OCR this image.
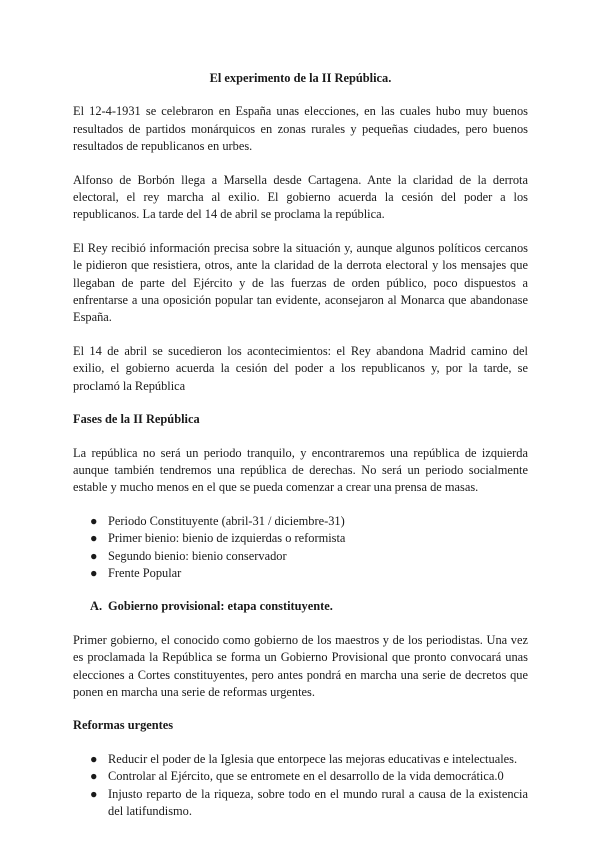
El experimento de la II República.

El 12-4-1931 se celebraron en España unas elecciones, en las cuales hubo muy buenos resultados de partidos monárquicos en zonas rurales y pequeñas ciudades, pero buenos resultados de republicanos en urbes.

Alfonso de Borbón llega a Marsella desde Cartagena. Ante la claridad de la derrota electoral, el rey marcha al exilio. El gobierno acuerda la cesión del poder a los republicanos. La tarde del 14 de abril se proclama la república.

El Rey recibió información precisa sobre la situación y, aunque algunos políticos cercanos le pidieron que resistiera, otros, ante la claridad de la derrota electoral y los mensajes que llegaban de parte del Ejército y de las fuerzas de orden público, poco dispuestos a enfrentarse a una oposición popular tan evidente, aconsejaron al Monarca que abandonase España.

El 14 de abril se sucedieron los acontecimientos: el Rey abandona Madrid camino del exilio, el gobierno acuerda la cesión del poder a los republicanos y, por la tarde, se proclamó la República

Fases de la II República

La república no será un periodo tranquilo, y encontraremos una república de izquierda aunque también tendremos una república de derechas. No será un periodo socialmente estable y mucho menos en el que se pueda comenzar a crear una prensa de masas.

● Periodo Constituyente (abril-31 / diciembre-31)
● Primer bienio: bienio de izquierdas o reformista
● Segundo bienio: bienio conservador
● Frente Popular
A. Gobierno provisional: etapa constituyente.

Primer gobierno, el conocido como gobierno de los maestros y de los periodistas. Una vez es proclamada la República se forma un Gobierno Provisional que pronto convocará unas elecciones a Cortes constituyentes, pero antes pondrá en marcha una serie de decretos que ponen en marcha una serie de reformas urgentes.

Reformas urgentes
● Reducir el poder de la Iglesia que entorpece las mejoras educativas e intelectuales.
● Controlar al Ejército, que se entromete en el desarrollo de la vida democrática.0
● Injusto reparto de la riqueza, sobre todo en el mundo rural a causa de la existencia del latifundismo.
